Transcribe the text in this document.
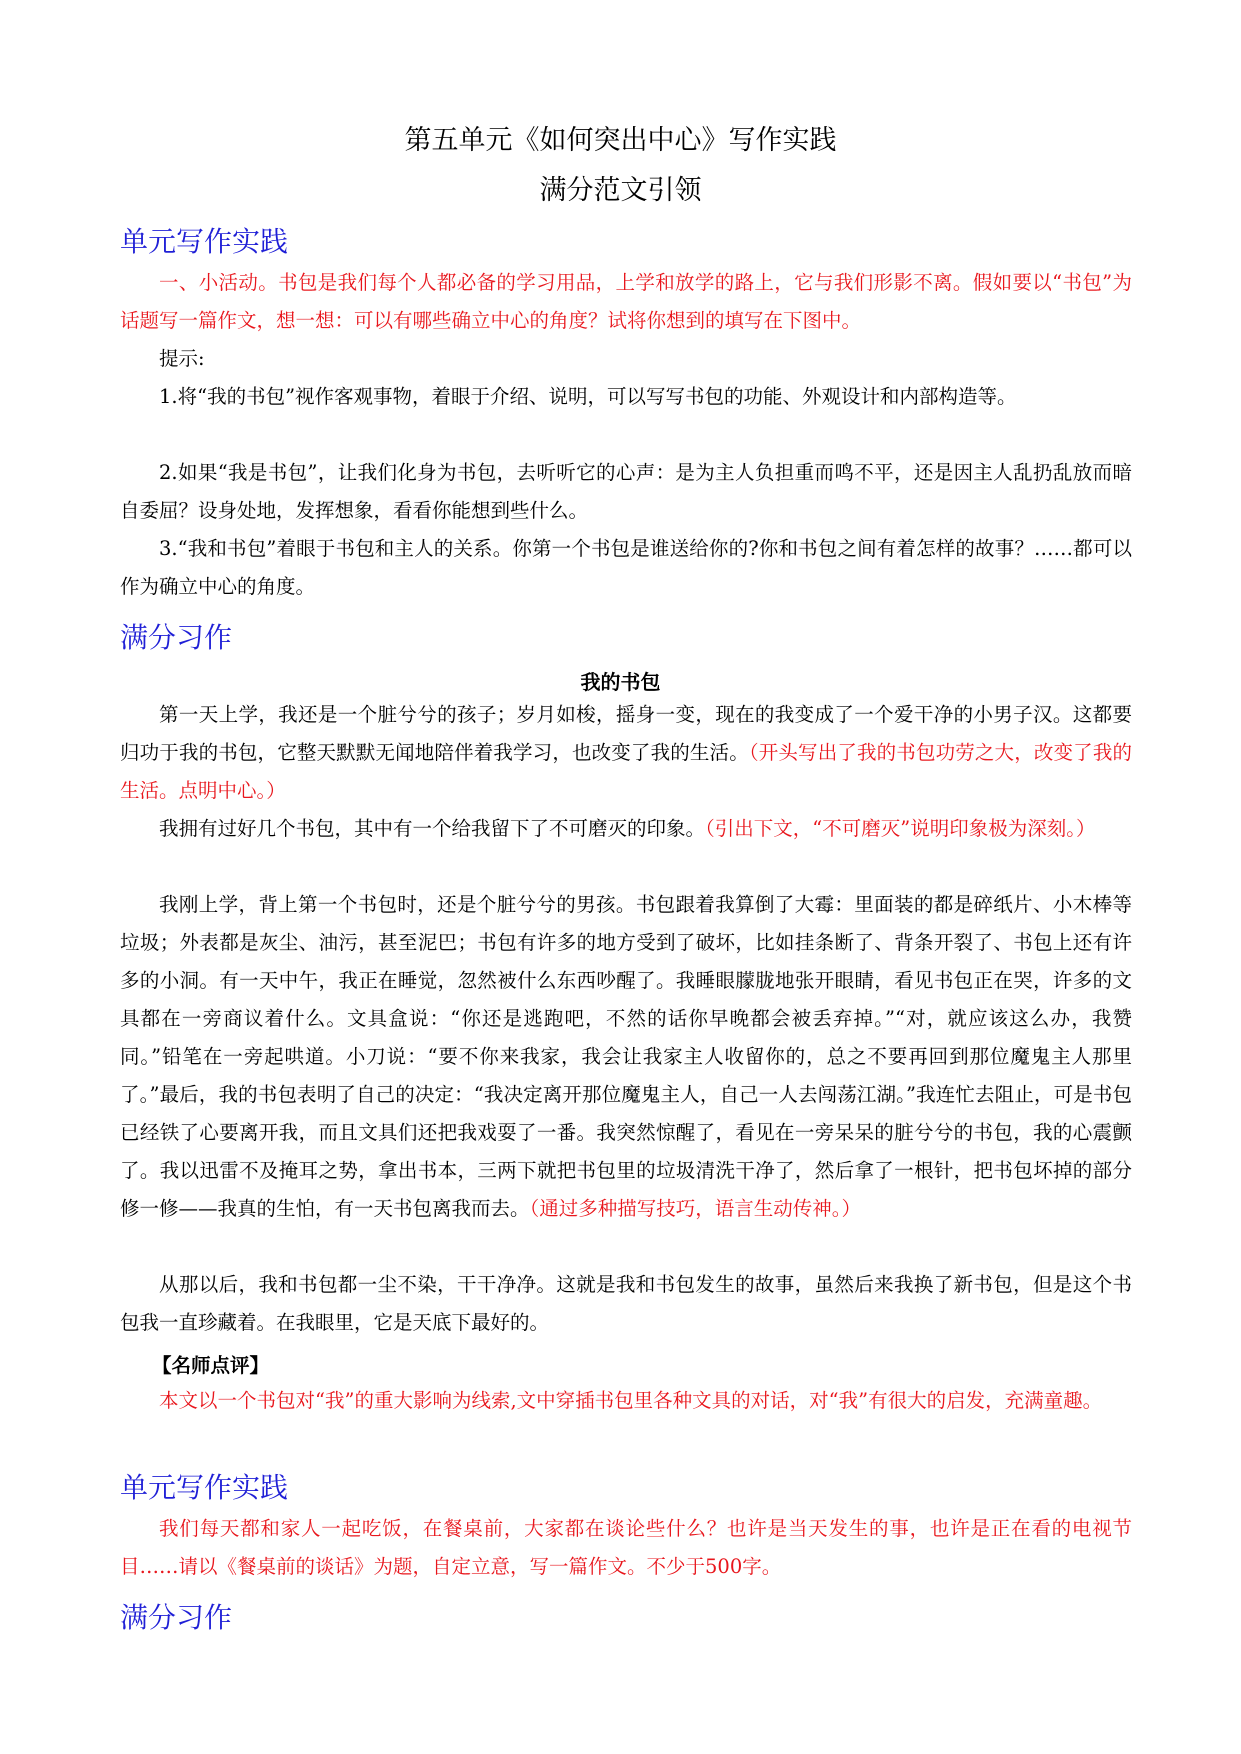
第五单元《如何突出中心》写作实践
满分范文引领
单元写作实践

一、小活动。书包是我们每个人都必备的学习用品，上学和放学的路上，它与我们形影不离。假如要以“书包”为话题写一篇作文，想一想：可以有哪些确立中心的角度？试将你想到的填写在下图中。

提示:

1.将“我的书包”视作客观事物，着眼于介绍、说明，可以写写书包的功能、外观设计和内部构造等。

2.如果“我是书包”，让我们化身为书包，去听听它的心声：是为主人负担重而鸣不平，还是因主人乱扔乱放而暗自委屈？设身处地，发挥想象，看看你能想到些什么。

3.“我和书包”着眼于书包和主人的关系。你第一个书包是谁送给你的?你和书包之间有着怎样的故事？……都可以作为确立中心的角度。

满分习作
我的书包

第一天上学，我还是一个脏兮兮的孩子；岁月如梭，摇身一变，现在的我变成了一个爱干净的小男子汉。这都要归功于我的书包，它整天默默无闻地陪伴着我学习，也改变了我的生活。（开头写出了我的书包功劳之大，改变了我的生活。点明中心。）

我拥有过好几个书包，其中有一个给我留下了不可磨灭的印象。（引出下文，“不可磨灭”说明印象极为深刻。）

我刚上学，背上第一个书包时，还是个脏兮兮的男孩。书包跟着我算倒了大霉：里面装的都是碎纸片、小木棒等垃圾；外表都是灰尘、油污，甚至泥巴；书包有许多的地方受到了破坏，比如挂条断了、背条开裂了、书包上还有许多的小洞。有一天中午，我正在睡觉，忽然被什么东西吵醒了。我睡眼朦胧地张开眼睛，看见书包正在哭，许多的文具都在一旁商议着什么。文具盒说：“你还是逃跑吧，不然的话你早晚都会被丢弃掉。”“对，就应该这么办，我赞同。”铅笔在一旁起哄道。小刀说：“要不你来我家，我会让我家主人收留你的，总之不要再回到那位魔鬼主人那里了。”最后，我的书包表明了自己的决定：“我决定离开那位魔鬼主人，自己一人去闯荡江湖。”我连忙去阻止，可是书包已经铁了心要离开我，而且文具们还把我戏耍了一番。我突然惊醒了，看见在一旁呆呆的脏兮兮的书包，我的心震颤了。我以迅雷不及掩耳之势，拿出书本，三两下就把书包里的垃圾清洗干净了，然后拿了一根针，把书包坏掉的部分修一修——我真的生怕，有一天书包离我而去。（通过多种描写技巧，语言生动传神。）

从那以后，我和书包都一尘不染，干干净净。这就是我和书包发生的故事，虽然后来我换了新书包，但是这个书包我一直珍藏着。在我眼里，它是天底下最好的。

【名师点评】

本文以一个书包对“我”的重大影响为线索,文中穿插书包里各种文具的对话，对“我”有很大的启发，充满童趣。

单元写作实践

我们每天都和家人一起吃饭，在餐桌前，大家都在谈论些什么？也许是当天发生的事，也许是正在看的电视节目……请以《餐桌前的谈话》为题，自定立意，写一篇作文。不少于500字。

满分习作
